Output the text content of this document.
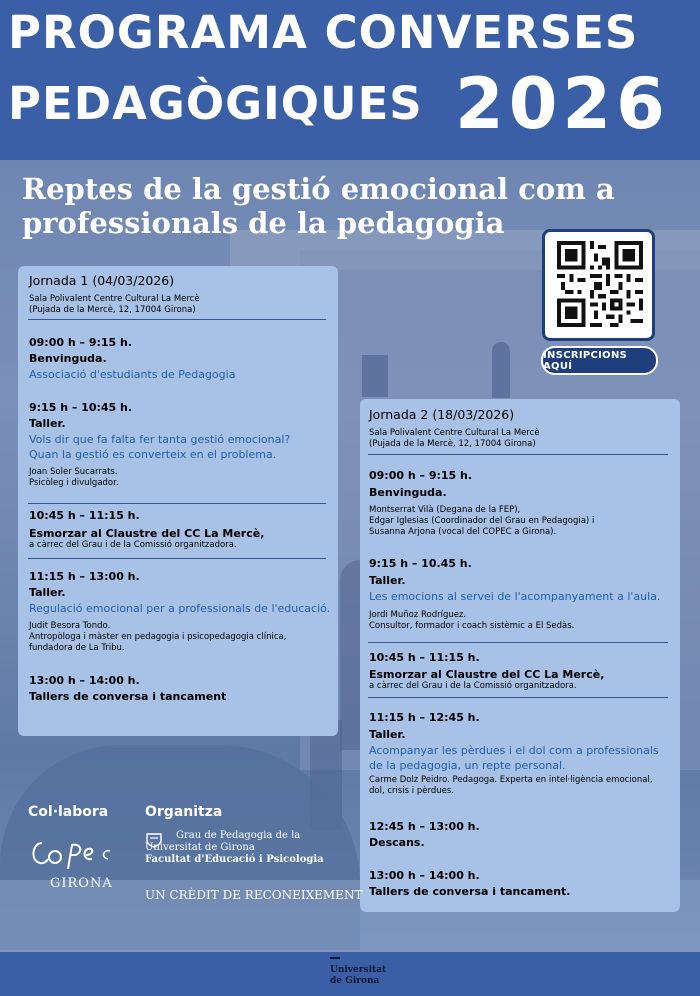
PROGRAMA CONVERSES
PEDAGÒGIQUES 2026
Reptes de la gestió emocional com a
professionals de la pedagogia
INSCRIPCIONS AQUÍ
Jornada 1 (04/03/2026)
Sala Polivalent Centre Cultural La Mercè
(Pujada de la Mercè, 12, 17004 Girona)
09:00 h – 9:15 h.
Benvinguda.
Associació d'estudiants de Pedagogia
9:15 h – 10:45 h.
Taller.
Vols dir que fa falta fer tanta gestió emocional?
Quan la gestió es converteix en el problema.
Joan Soler Sucarrats.
Psicòleg i divulgador.
10:45 h – 11:15 h.
Esmorzar al Claustre del CC La Mercè,
a càrrec del Grau i de la Comissió organitzadora.
11:15 h – 13:00 h.
Taller.
Regulació emocional per a professionals de l'educació.
Judit Besora Tondo.
Antropòloga i màster en pedagogia i psicopedagogia clínica,
fundadora de La Tribu.
13:00 h – 14:00 h.
Tallers de conversa i tancament
Jornada 2 (18/03/2026)
Sala Polivalent Centre Cultural La Mercè
(Pujada de la Mercè, 12, 17004 Girona)
09:00 h – 9:15 h.
Benvinguda.
Montserrat Vilà (Degana de la FEP),
Edgar Iglesias (Coordinador del Grau en Pedagogia) i
Susanna Arjona (vocal del COPEC a Girona).
9:15 h – 10.45 h.
Taller.
Les emocions al servei de l'acompanyament a l'aula.
Jordi Muñoz Rodríguez.
Consultor, formador i coach sistèmic a El Sedàs.
10:45 h – 11:15 h.
Esmorzar al Claustre del CC La Mercè,
a càrrec del Grau i de la Comissió organitzadora.
11:15 h – 12:45 h.
Taller.
Acompanyar les pèrdues i el dol com a professionals
de la pedagogia, un repte personal.
Carme Dolz Peidro. Pedagoga. Experta en intel·ligència emocional,
dol, crisis i pèrdues.
12:45 h – 13:00 h.
Descans.
13:00 h – 14:00 h.
Tallers de conversa i tancament.
Col·labora
GIRONA
Organitza
Grau de Pedagogia de la
Universitat de Girona
Facultat d'Educació i Psicologia
UN CRÈDIT DE RECONEIXEMENT
Universitat
de Girona
